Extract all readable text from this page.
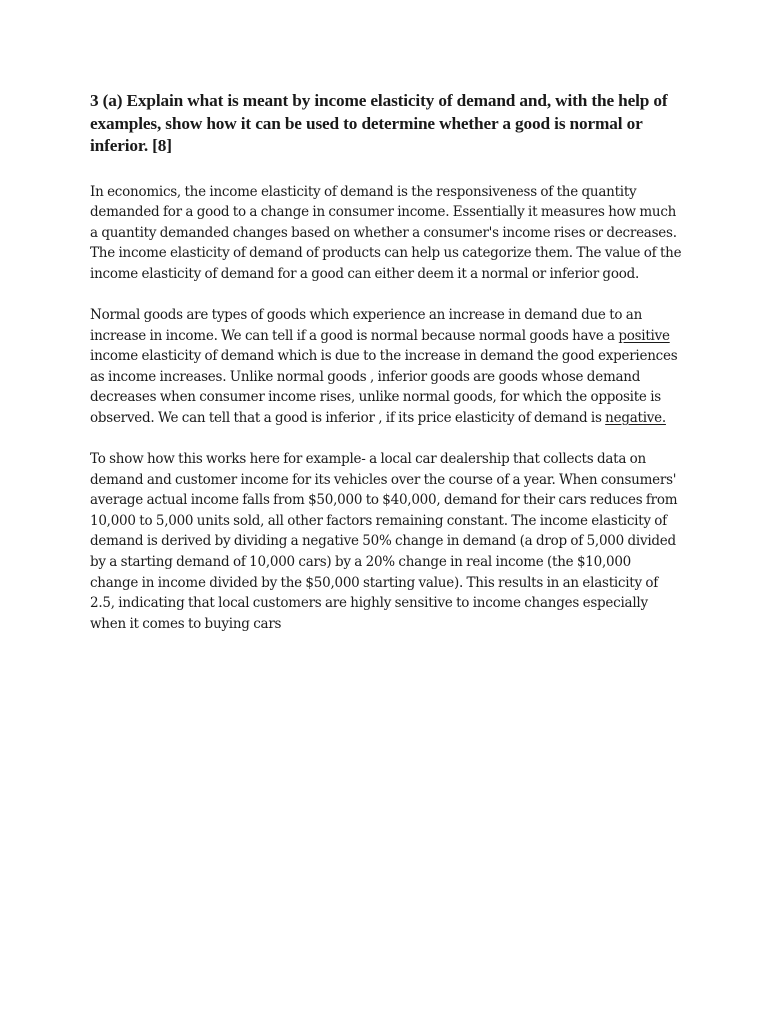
3 (a) Explain what is meant by income elasticity of demand and, with the help of examples, show how it can be used to determine whether a good is normal or inferior. [8]

In economics, the income elasticity of demand is the responsiveness of the quantity demanded for a good to a change in consumer income. Essentially it measures how much a quantity demanded changes based on whether a consumer's income rises or decreases. The income elasticity of demand of products can help us categorize them. The value of the income elasticity of demand for a good can either deem it a normal or inferior good.

Normal goods are types of goods which experience an increase in demand due to an increase in income. We can tell if a good is normal because normal goods have a positive income elasticity of demand which is due to the increase in demand the good experiences as income increases. Unlike normal goods , inferior goods are goods whose demand decreases when consumer income rises, unlike normal goods, for which the opposite is observed. We can tell that a good is inferior , if its price elasticity of demand is negative.

To show how this works here for example- a local car dealership that collects data on demand and customer income for its vehicles over the course of a year. When consumers' average actual income falls from $50,000 to $40,000, demand for their cars reduces from 10,000 to 5,000 units sold, all other factors remaining constant. The income elasticity of demand is derived by dividing a negative 50% change in demand (a drop of 5,000 divided by a starting demand of 10,000 cars) by a 20% change in real income (the $10,000 change in income divided by the $50,000 starting value). This results in an elasticity of 2.5, indicating that local customers are highly sensitive to income changes especially when it comes to buying cars
